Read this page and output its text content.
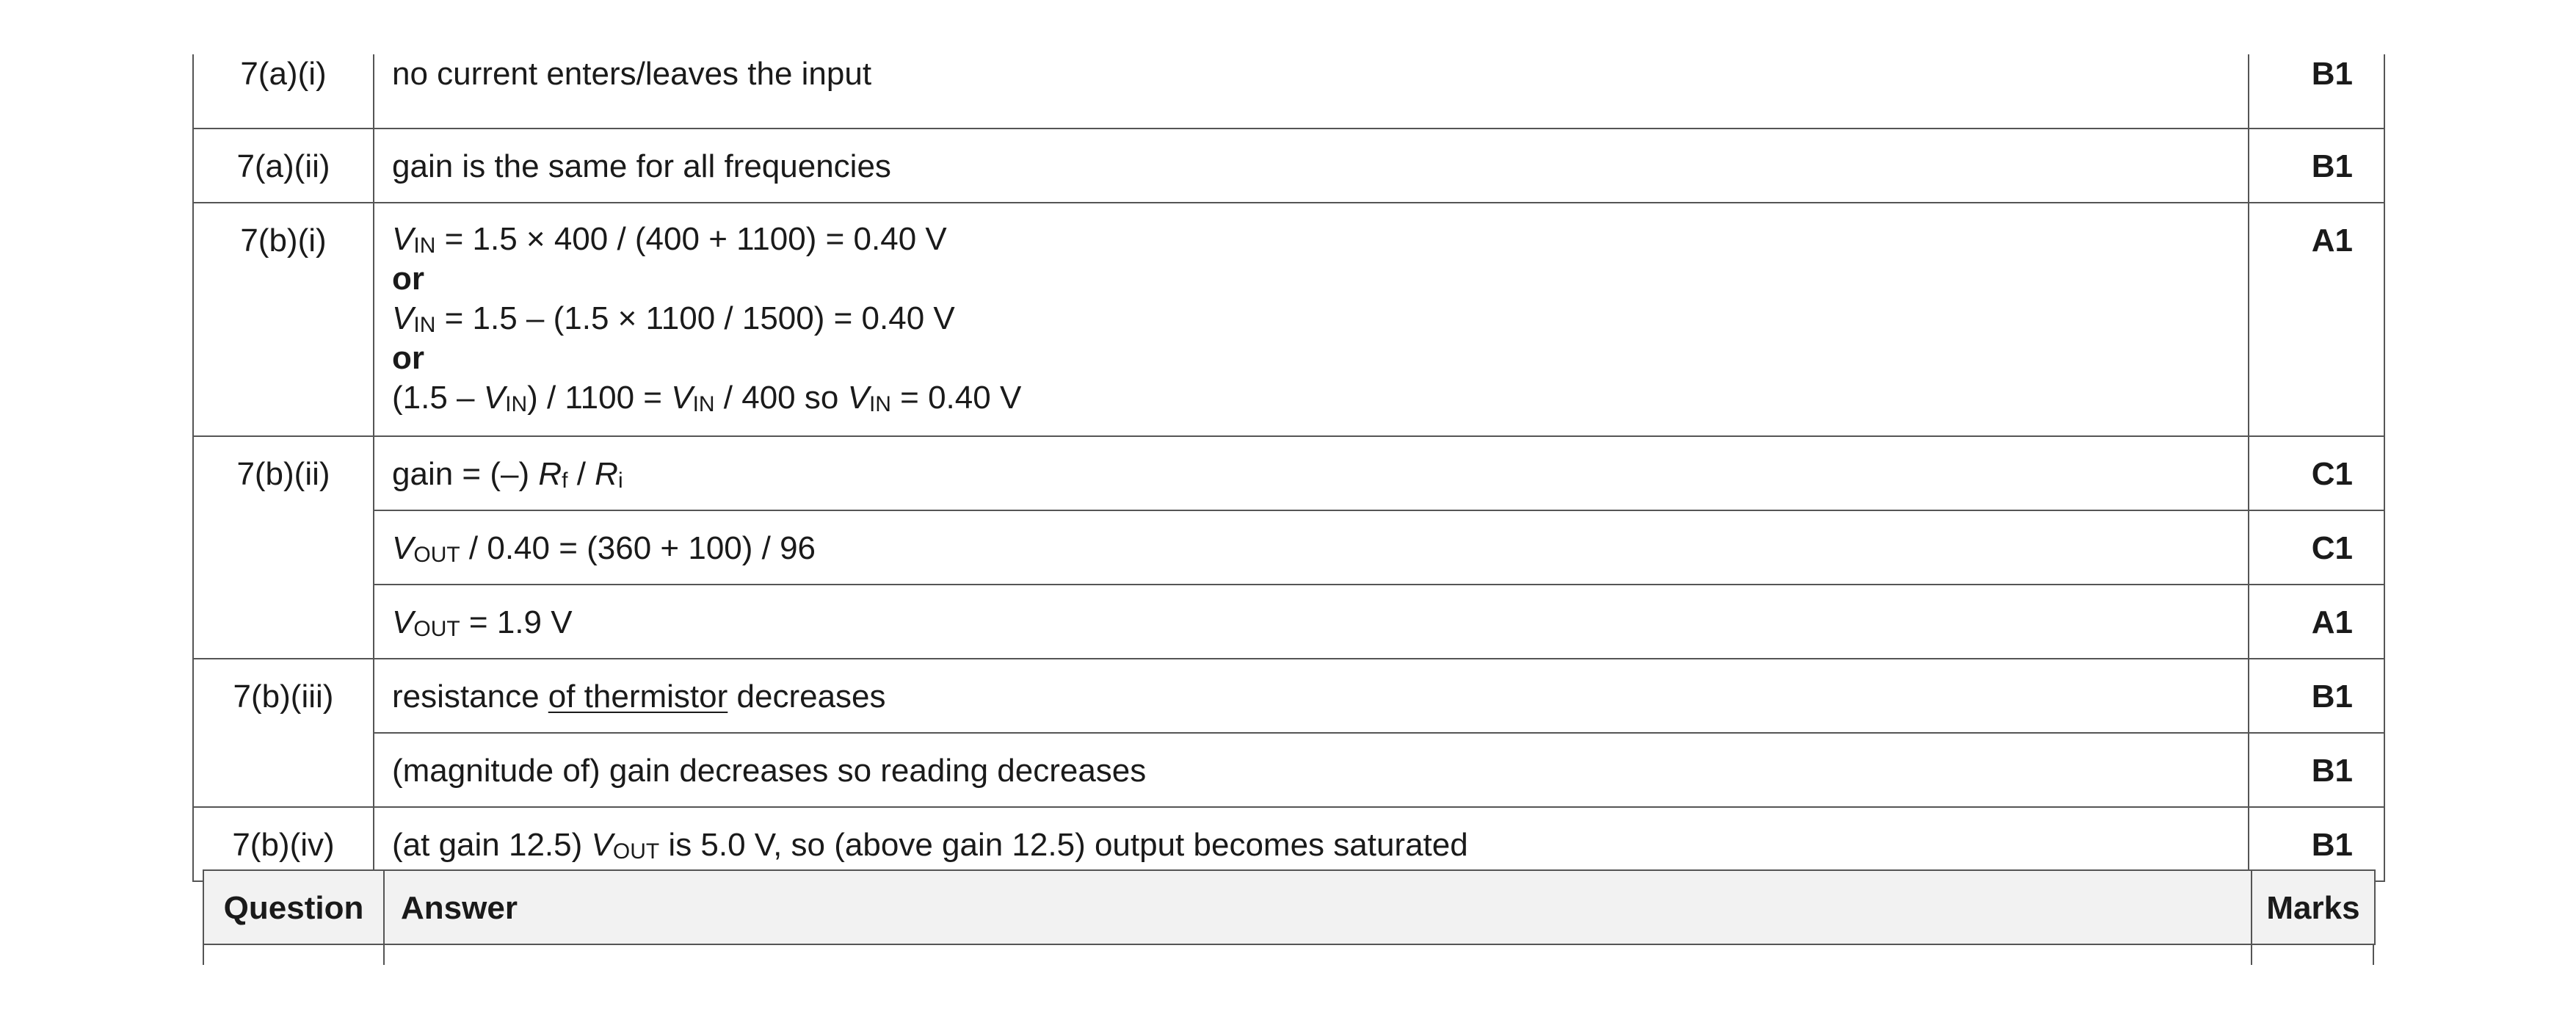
7(a)(i)	no current enters/leaves the input	B1
7(a)(ii)	gain is the same for all frequencies	B1
7(b)(i)	$V_{IN} = 1.5 \times 400 / (400 + 1100) = 0.40$ V
or
$V_{IN} = 1.5 - (1.5 \times 1100 / 1500) = 0.40$ V
or
$(1.5 - V_{IN}) / 1100 = V_{IN} / 400$ so $V_{IN} = 0.40$ V	A1
7(b)(ii)	gain = (–) $R_f / R_i$	C1
	$V_{OUT} / 0.40 = (360 + 100) / 96$	C1
	$V_{OUT} = 1.9$ V	A1
7(b)(iii)	resistance of thermistor decreases	B1
	(magnitude of) gain decreases so reading decreases	B1
7(b)(iv)	(at gain 12.5) $V_{OUT}$ is 5.0 V, so (above gain 12.5) output becomes saturated	B1
Question	Answer	Marks
